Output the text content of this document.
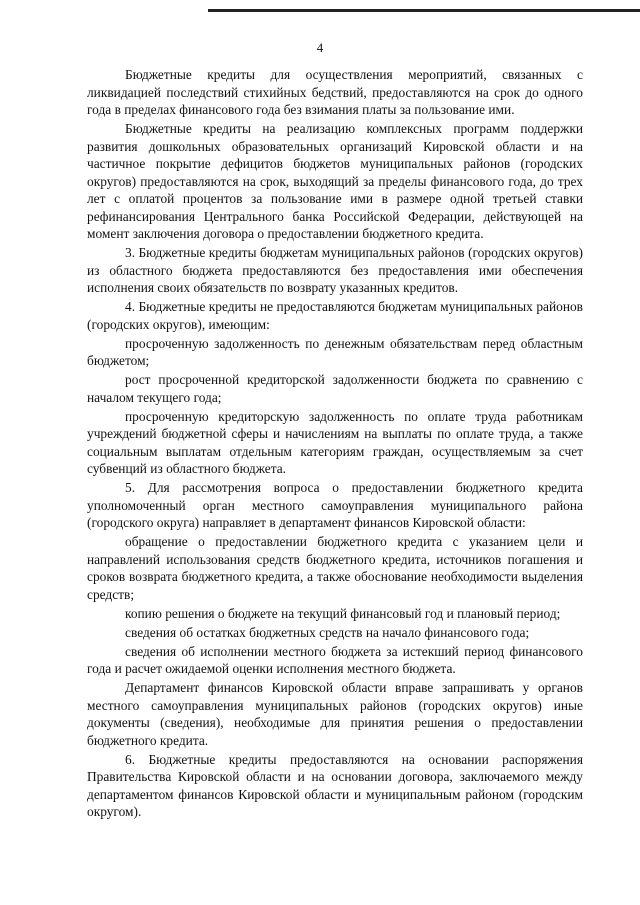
4

Бюджетные кредиты для осуществления мероприятий, связанных с ликвидацией последствий стихийных бедствий, предоставляются на срок до одного года в пределах финансового года без взимания платы за пользование ими.

Бюджетные кредиты на реализацию комплексных программ поддержки развития дошкольных образовательных организаций Кировской области и на частичное покрытие дефицитов бюджетов муниципальных районов (городских округов) предоставляются на срок, выходящий за пределы финансового года, до трех лет с оплатой процентов за пользование ими в размере одной третьей ставки рефинансирования Центрального банка Российской Федерации, действующей на момент заключения договора о предоставлении бюджетного кредита.

3. Бюджетные кредиты бюджетам муниципальных районов (городских округов) из областного бюджета предоставляются без предоставления ими обеспечения исполнения своих обязательств по возврату указанных кредитов.

4. Бюджетные кредиты не предоставляются бюджетам муниципальных районов (городских округов), имеющим:

просроченную задолженность по денежным обязательствам перед областным бюджетом;

рост просроченной кредиторской задолженности бюджета по сравнению с началом текущего года;

просроченную кредиторскую задолженность по оплате труда работникам учреждений бюджетной сферы и начислениям на выплаты по оплате труда, а также социальным выплатам отдельным категориям граждан, осуществляемым за счет субвенций из областного бюджета.

5. Для рассмотрения вопроса о предоставлении бюджетного кредита уполномоченный орган местного самоуправления муниципального района (городского округа) направляет в департамент финансов Кировской области:

обращение о предоставлении бюджетного кредита с указанием цели и направлений использования средств бюджетного кредита, источников погашения и сроков возврата бюджетного кредита, а также обоснование необходимости выделения средств;

копию решения о бюджете на текущий финансовый год и плановый период;

сведения об остатках бюджетных средств на начало финансового года;

сведения об исполнении местного бюджета за истекший период финансового года и расчет ожидаемой оценки исполнения местного бюджета.

Департамент финансов Кировской области вправе запрашивать у органов местного самоуправления муниципальных районов (городских округов) иные документы (сведения), необходимые для принятия решения о предоставлении бюджетного кредита.

6. Бюджетные кредиты предоставляются на основании распоряжения Правительства Кировской области и на основании договора, заключаемого между департаментом финансов Кировской области и муниципальным районом (городским округом).
